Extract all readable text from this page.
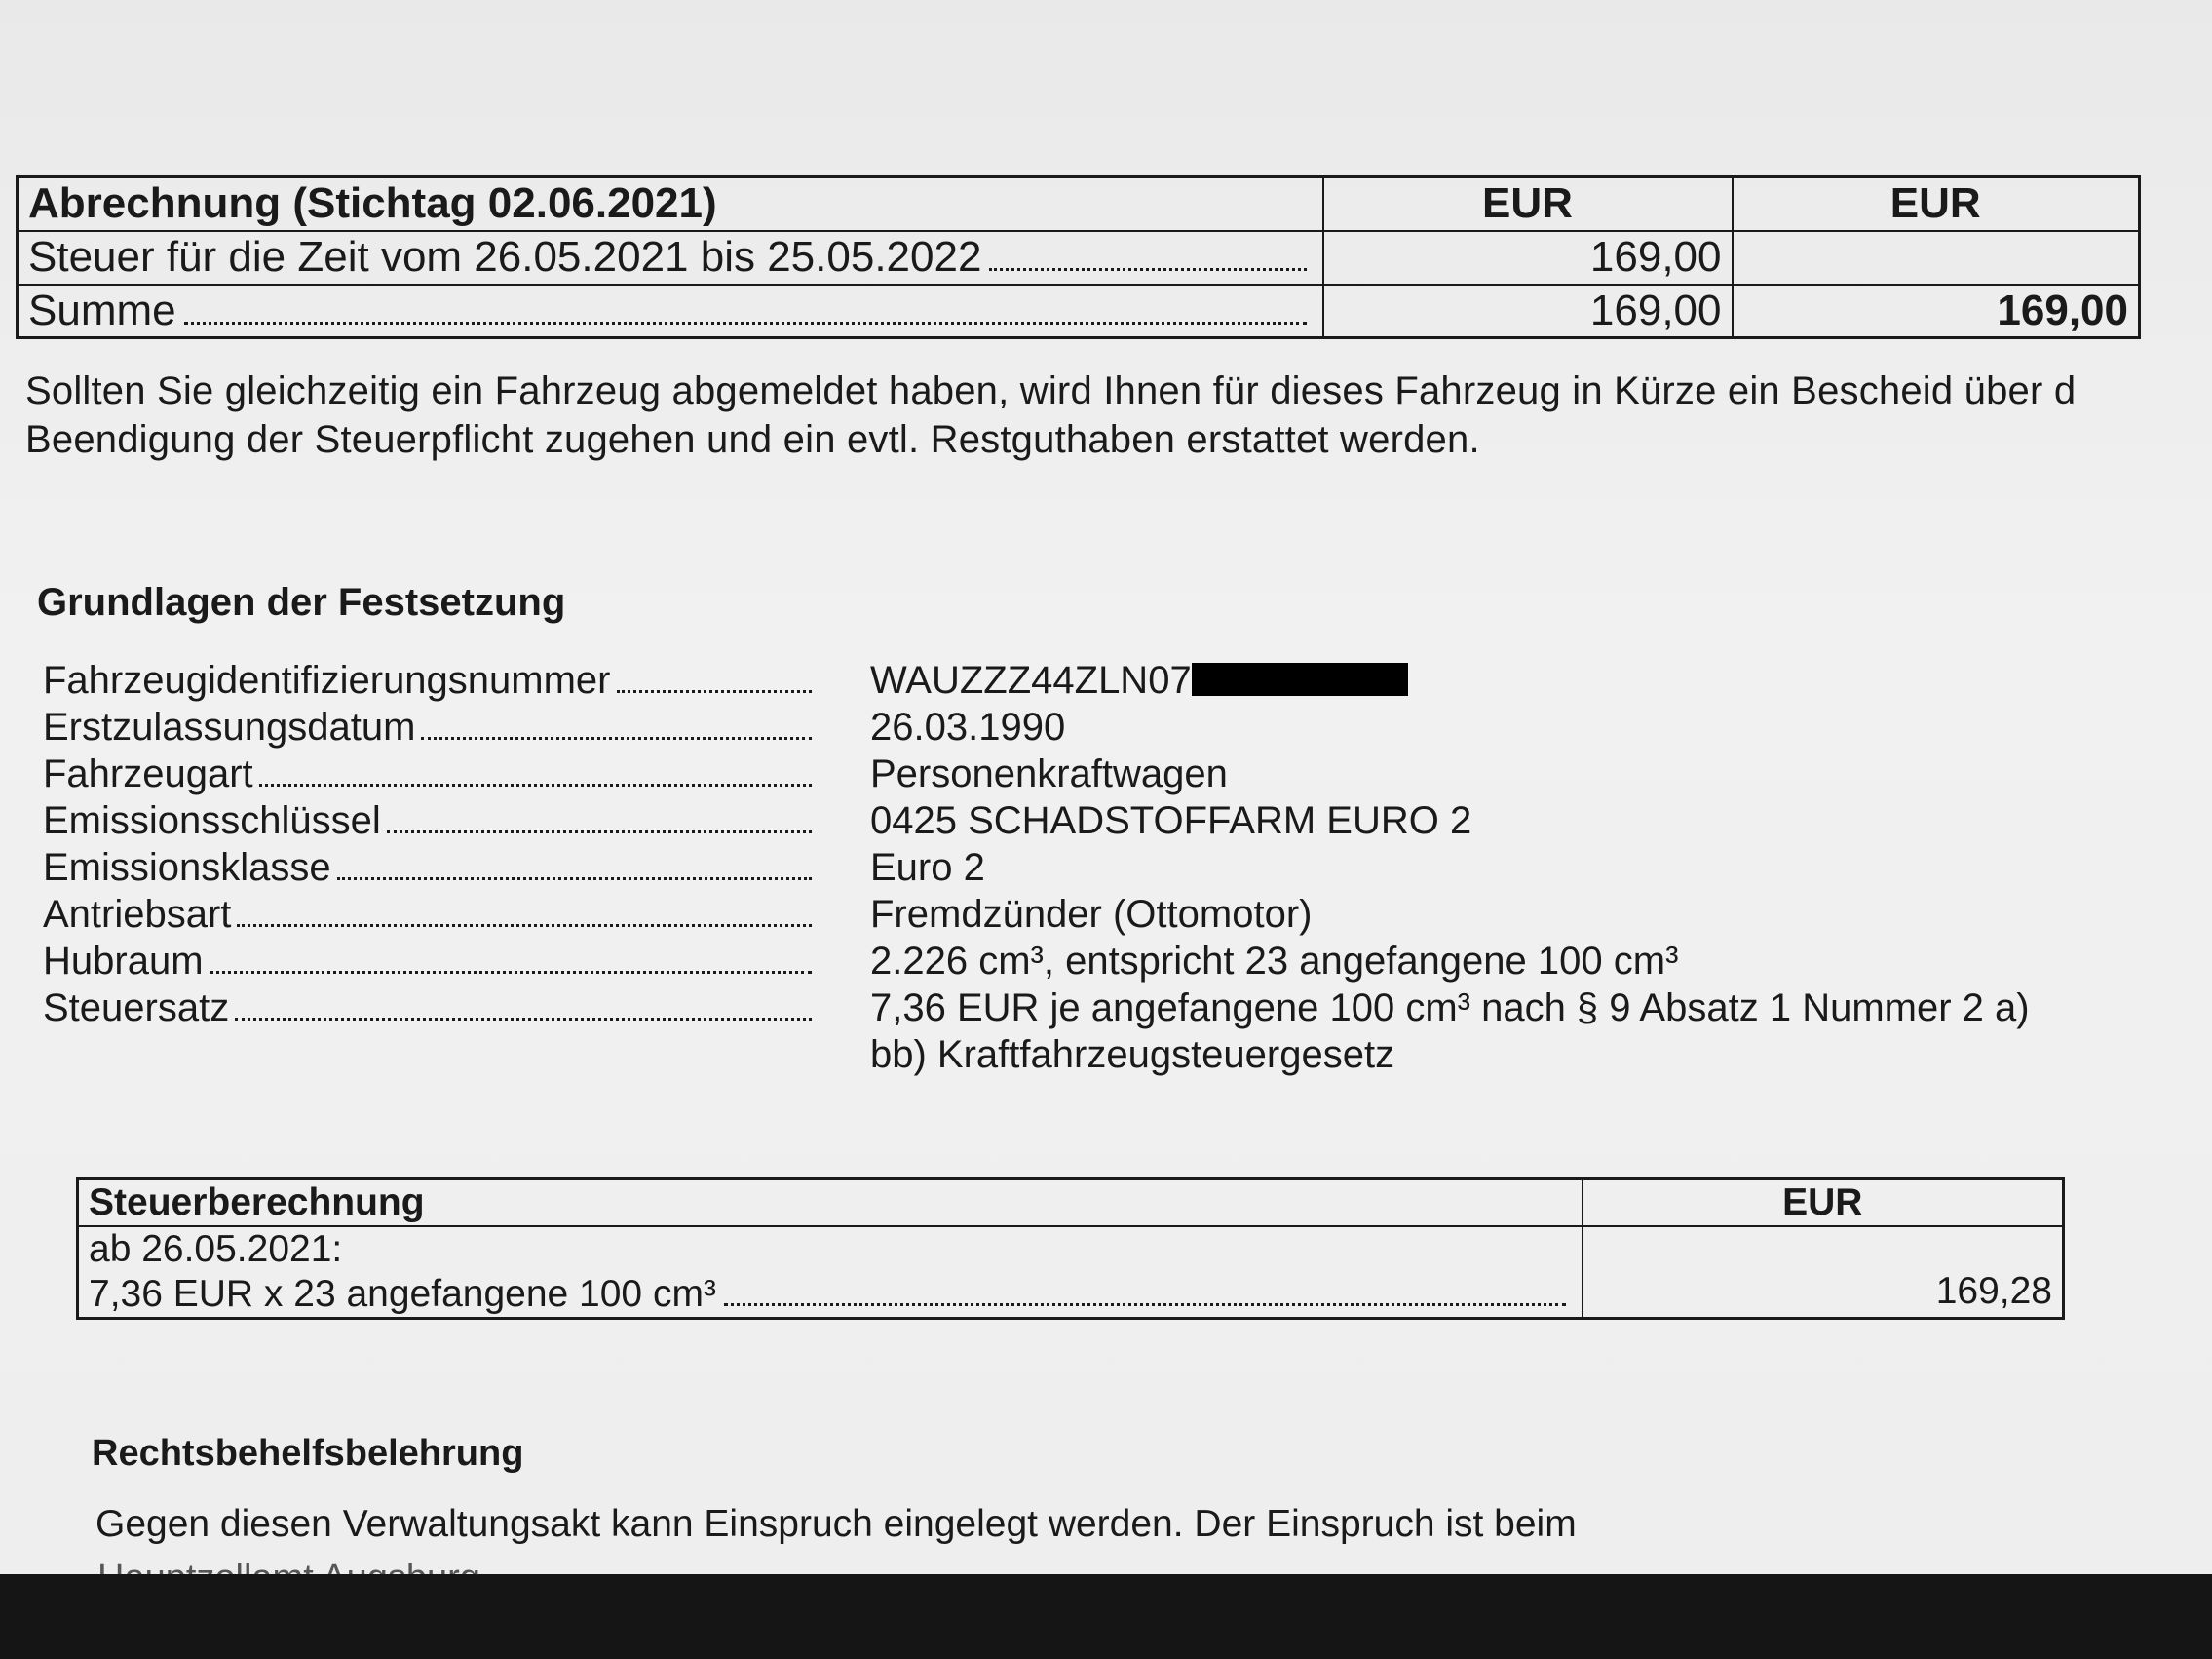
Abrechnung (Stichtag 02.06.2021)	EUR	EUR

Steuer für die Zeit vom 26.05.2021 bis 25.05.2022	169,00	

Summe	169,00	169,00
Sollten Sie gleichzeitig ein Fahrzeug abgemeldet haben, wird Ihnen für dieses Fahrzeug in Kürze ein Bescheid über d
Beendigung der Steuerpflicht zugehen und ein evtl. Restguthaben erstattet werden.
Grundlagen der Festsetzung
Fahrzeugidentifizierungsnummer	WAUZZZ44ZLN07
Erstzulassungsdatum	26.03.1990
Fahrzeugart	Personenkraftwagen
Emissionsschlüssel	0425 SCHADSTOFFARM EURO 2
Emissionsklasse	Euro 2
Antriebsart	Fremdzünder (Ottomotor)
Hubraum	2.226 cm³, entspricht 23 angefangene 100 cm³
Steuersatz	7,36 EUR je angefangene 100 cm³ nach § 9 Absatz 1 Nummer 2 a)
bb) Kraftfahrzeugsteuergesetz
Steuerberechnung	EUR

ab 26.05.2021:
7,36 EUR x 23 angefangene 100 cm³	169,28
Rechtsbehelfsbelehrung
Gegen diesen Verwaltungsakt kann Einspruch eingelegt werden. Der Einspruch ist beim
